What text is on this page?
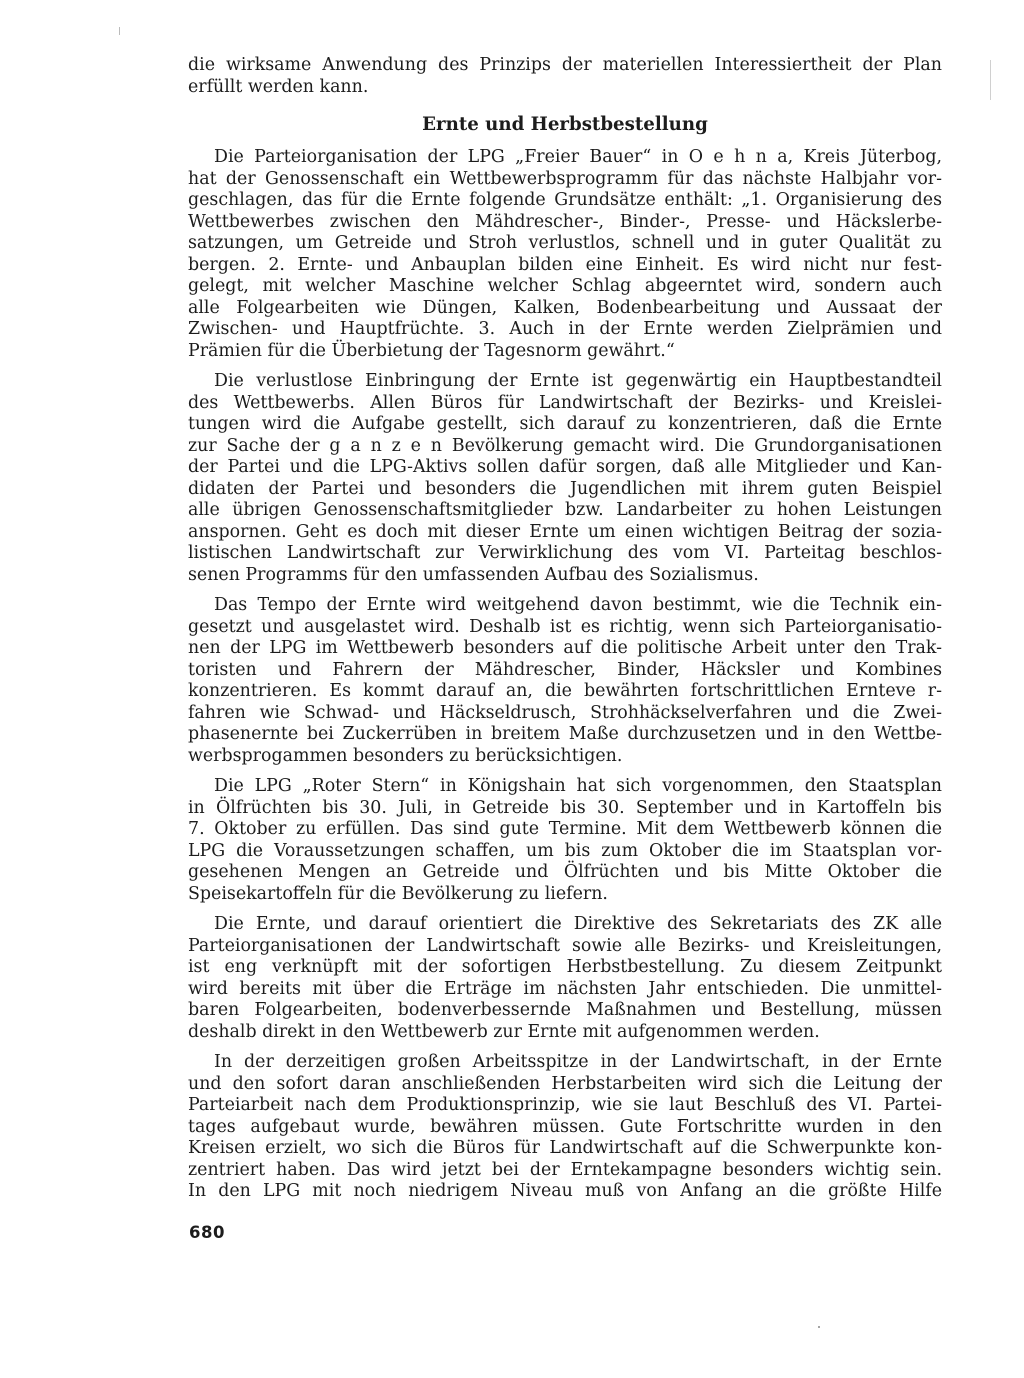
die wirksame Anwendung des Prinzips der materiellen Interessiertheit der Plan
erfüllt werden kann.
Ernte und Herbstbestellung
Die Parteiorganisation der LPG „Freier Bauer“ in O e h n a, Kreis Jüterbog,
hat der Genossenschaft ein Wettbewerbsprogramm für das nächste Halbjahr vor-
geschlagen, das für die Ernte folgende Grundsätze enthält: „1. Organisierung des
Wettbewerbes zwischen den Mähdrescher-, Binder-, Presse- und Häckslerbe-
satzungen, um Getreide und Stroh verlustlos, schnell und in guter Qualität zu
bergen. 2. Ernte- und Anbauplan bilden eine Einheit. Es wird nicht nur fest-
gelegt, mit welcher Maschine welcher Schlag abgeerntet wird, sondern auch
alle Folgearbeiten wie Düngen, Kalken, Bodenbearbeitung und Aussaat der
Zwischen- und Hauptfrüchte. 3. Auch in der Ernte werden Zielprämien und
Prämien für die Überbietung der Tagesnorm gewährt.“
Die verlustlose Einbringung der Ernte ist gegenwärtig ein Hauptbestandteil
des Wettbewerbs. Allen Büros für Landwirtschaft der Bezirks- und Kreislei-
tungen wird die Aufgabe gestellt, sich darauf zu konzentrieren, daß die Ernte
zur Sache der g a n z e n Bevölkerung gemacht wird. Die Grundorganisationen
der Partei und die LPG-Aktivs sollen dafür sorgen, daß alle Mitglieder und Kan-
didaten der Partei und besonders die Jugendlichen mit ihrem guten Beispiel
alle übrigen Genossenschaftsmitglieder bzw. Landarbeiter zu hohen Leistungen
anspornen. Geht es doch mit dieser Ernte um einen wichtigen Beitrag der sozia-
listischen Landwirtschaft zur Verwirklichung des vom VI. Parteitag beschlos-
senen Programms für den umfassenden Aufbau des Sozialismus.
Das Tempo der Ernte wird weitgehend davon bestimmt, wie die Technik ein-
gesetzt und ausgelastet wird. Deshalb ist es richtig, wenn sich Parteiorganisatio-
nen der LPG im Wettbewerb besonders auf die politische Arbeit unter den Trak-
toristen und Fahrern der Mähdrescher, Binder, Häcksler und Kombines
konzentrieren. Es kommt darauf an, die bewährten fortschrittlichen Ernteve r-
fahren wie Schwad- und Häckseldrusch, Strohhäckselverfahren und die Zwei-
phasenernte bei Zuckerrüben in breitem Maße durchzusetzen und in den Wettbe-
werbsprogammen besonders zu berücksichtigen.
Die LPG „Roter Stern“ in Königshain hat sich vorgenommen, den Staatsplan
in Ölfrüchten bis 30. Juli, in Getreide bis 30. September und in Kartoffeln bis
7. Oktober zu erfüllen. Das sind gute Termine. Mit dem Wettbewerb können die
LPG die Voraussetzungen schaffen, um bis zum Oktober die im Staatsplan vor-
gesehenen Mengen an Getreide und Ölfrüchten und bis Mitte Oktober die
Speisekartoffeln für die Bevölkerung zu liefern.
Die Ernte, und darauf orientiert die Direktive des Sekretariats des ZK alle
Parteiorganisationen der Landwirtschaft sowie alle Bezirks- und Kreisleitungen,
ist eng verknüpft mit der sofortigen Herbstbestellung. Zu diesem Zeitpunkt
wird bereits mit über die Erträge im nächsten Jahr entschieden. Die unmittel-
baren Folgearbeiten, bodenverbessernde Maßnahmen und Bestellung, müssen
deshalb direkt in den Wettbewerb zur Ernte mit aufgenommen werden.
In der derzeitigen großen Arbeitsspitze in der Landwirtschaft, in der Ernte
und den sofort daran anschließenden Herbstarbeiten wird sich die Leitung der
Parteiarbeit nach dem Produktionsprinzip, wie sie laut Beschluß des VI. Partei-
tages aufgebaut wurde, bewähren müssen. Gute Fortschritte wurden in den
Kreisen erzielt, wo sich die Büros für Landwirtschaft auf die Schwerpunkte kon-
zentriert haben. Das wird jetzt bei der Erntekampagne besonders wichtig sein.
In den LPG mit noch niedrigem Niveau muß von Anfang an die größte Hilfe
680
